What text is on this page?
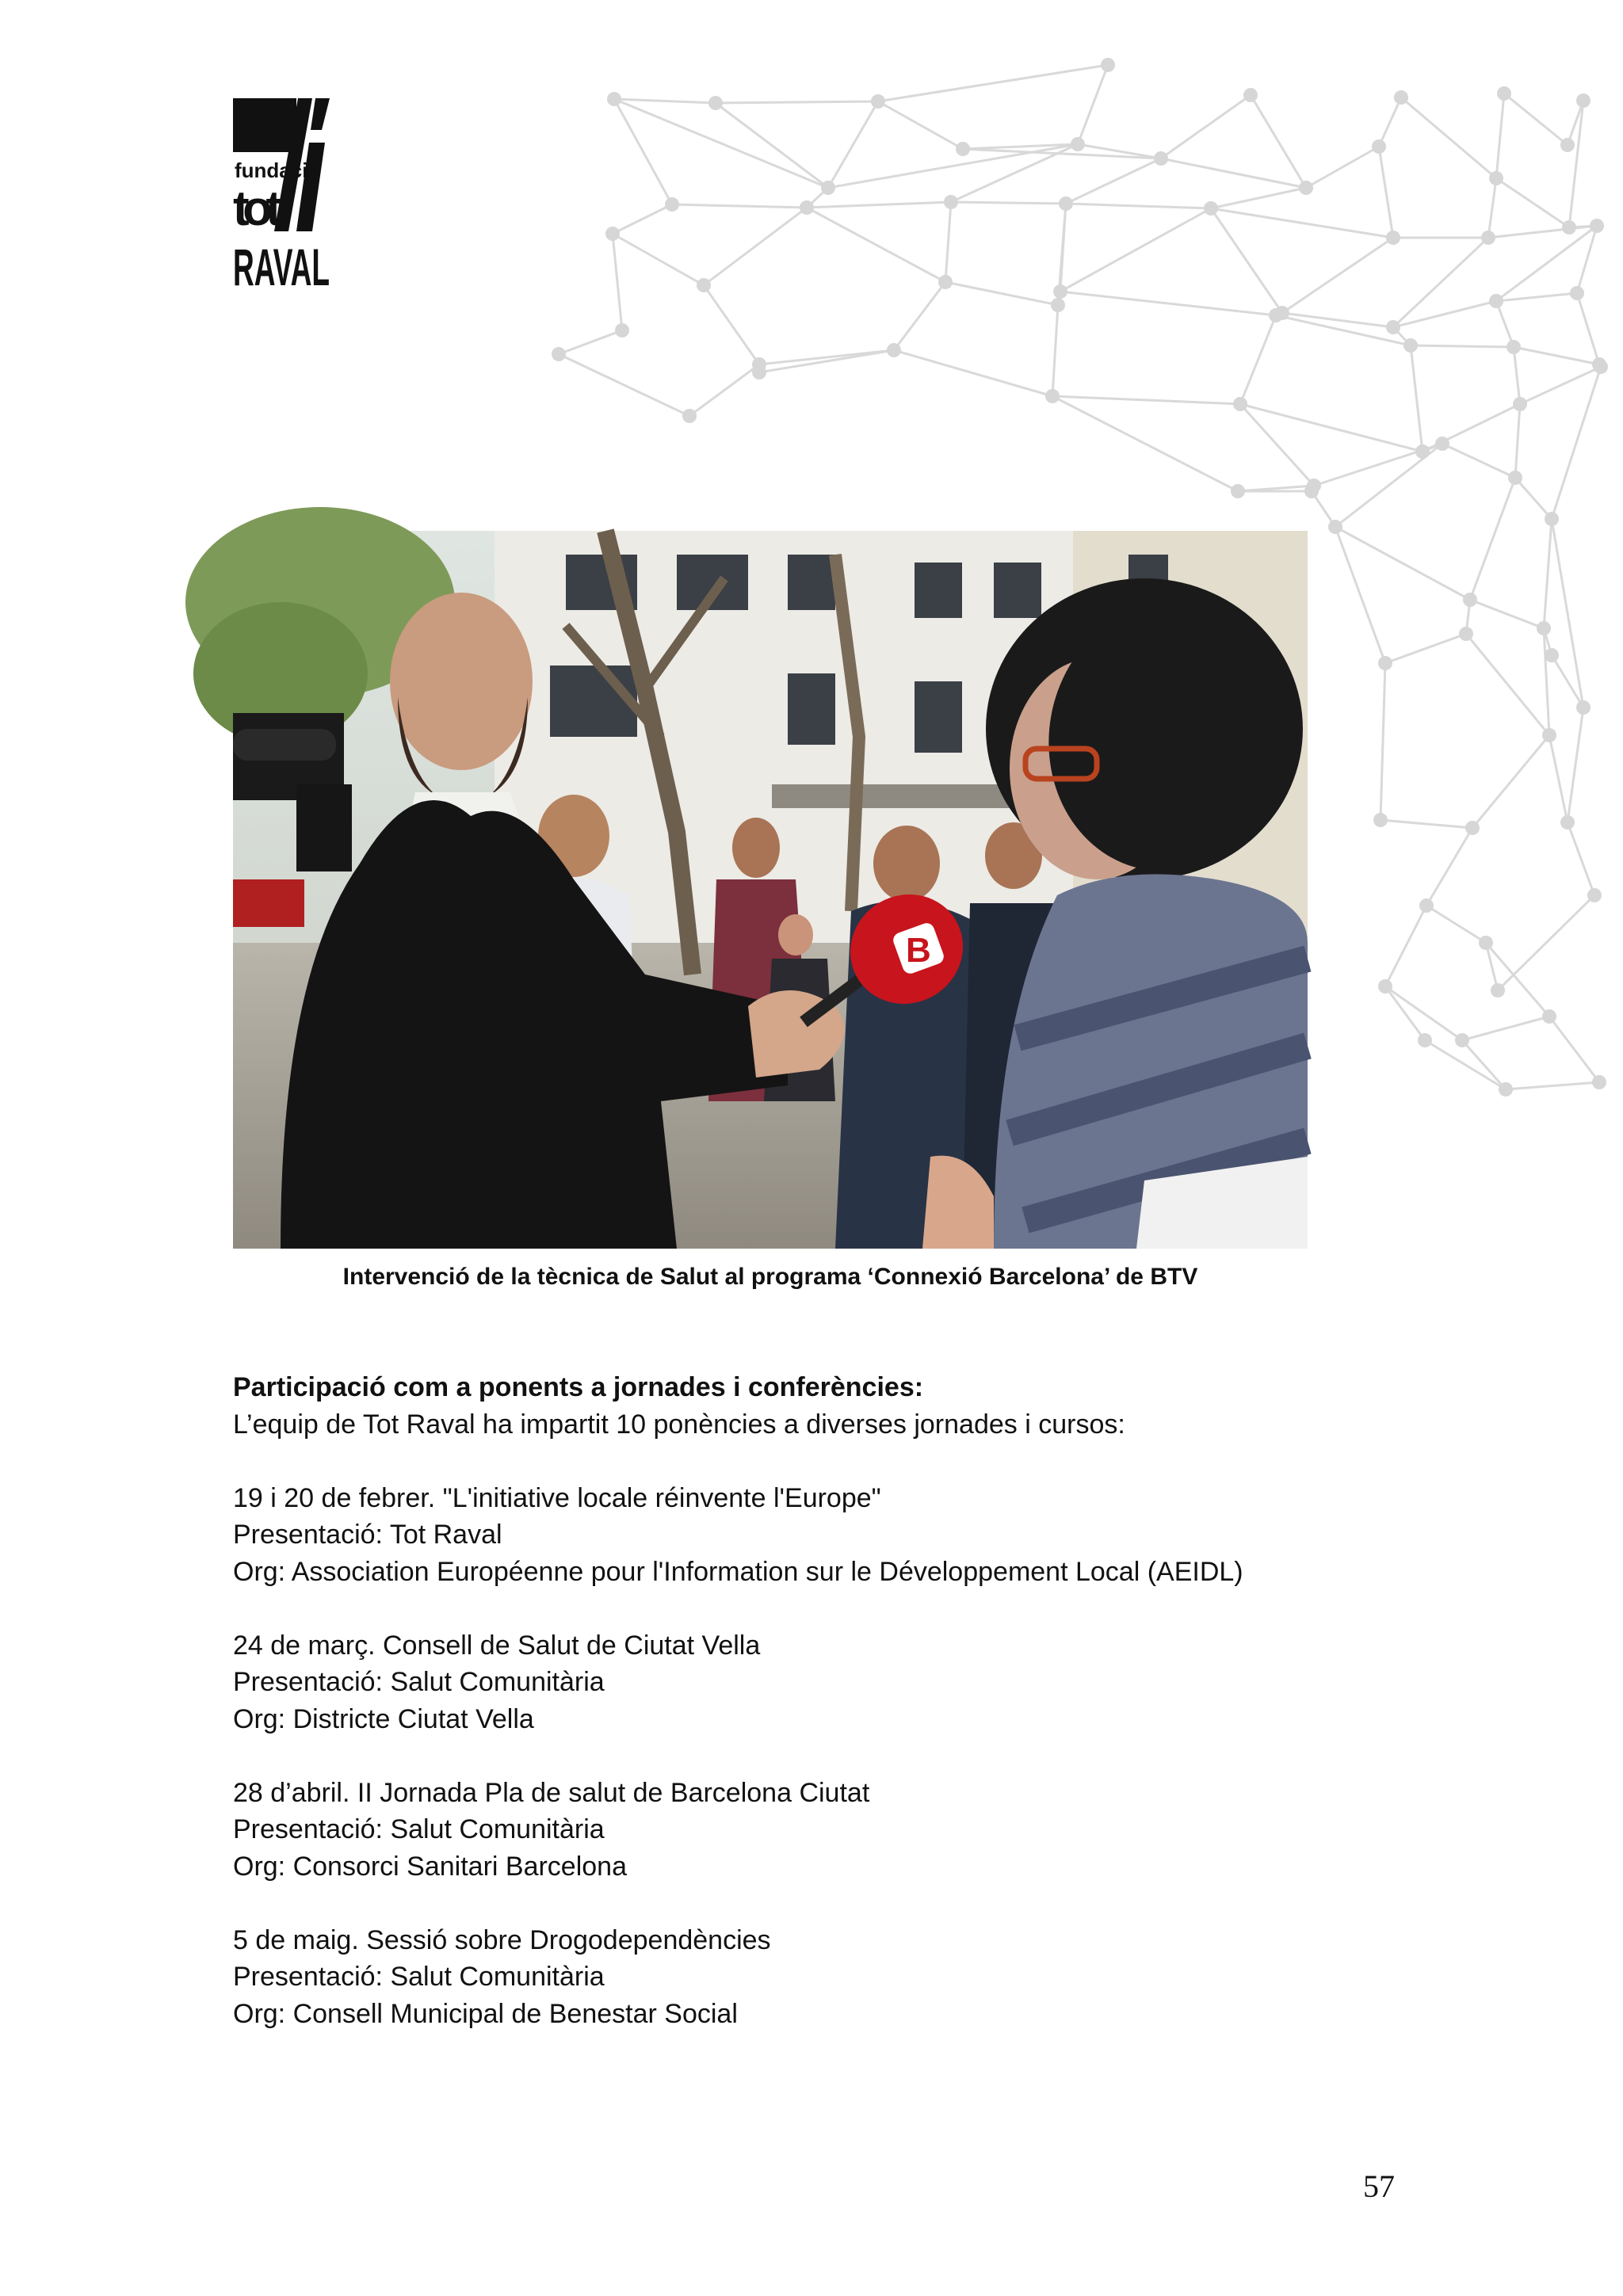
fundació
tot
RAVAL
B
Intervenció de la tècnica de Salut al programa ‘Connexió Barcelona’ de BTV

Participació com a ponents a jornades i conferències:

L’equip de Tot Raval ha impartit 10 ponències a diverses jornades i cursos:

19 i 20 de febrer. "L'initiative locale réinvente l'Europe"

Presentació: Tot Raval

Org: Association Européenne pour l'Information sur le Développement Local (AEIDL)

24 de març. Consell de Salut de Ciutat Vella

Presentació: Salut Comunitària

Org: Districte Ciutat Vella

28 d’abril. II Jornada Pla de salut de Barcelona Ciutat

Presentació: Salut Comunitària

Org: Consorci Sanitari Barcelona

5 de maig. Sessió sobre Drogodependències

Presentació: Salut Comunitària

Org: Consell Municipal de Benestar Social

57
